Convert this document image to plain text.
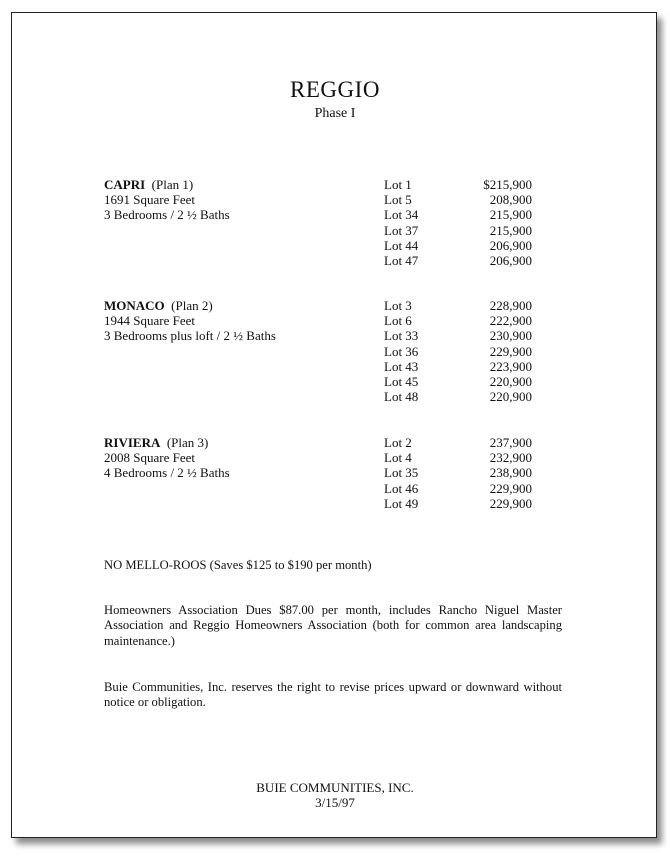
REGGIO
Phase I
CAPRI (Plan 1)
1691 Square Feet
3 Bedrooms / 2 ½ Baths
Lot 1	$215,900
Lot 5	208,900
Lot 34	215,900
Lot 37	215,900
Lot 44	206,900
Lot 47	206,900
MONACO (Plan 2)
1944 Square Feet
3 Bedrooms plus loft / 2 ½ Baths
Lot 3	228,900
Lot 6	222,900
Lot 33	230,900
Lot 36	229,900
Lot 43	223,900
Lot 45	220,900
Lot 48	220,900
RIVIERA (Plan 3)
2008 Square Feet
4 Bedrooms / 2 ½ Baths
Lot 2	237,900
Lot 4	232,900
Lot 35	238,900
Lot 46	229,900
Lot 49	229,900
NO MELLO-ROOS (Saves $125 to $190 per month)
Homeowners Association Dues $87.00 per month, includes Rancho Niguel Master Association and Reggio Homeowners Association (both for common area landscaping maintenance.)
Buie Communities, Inc. reserves the right to revise prices upward or downward without notice or obligation.
BUIE COMMUNITIES, INC.
3/15/97
